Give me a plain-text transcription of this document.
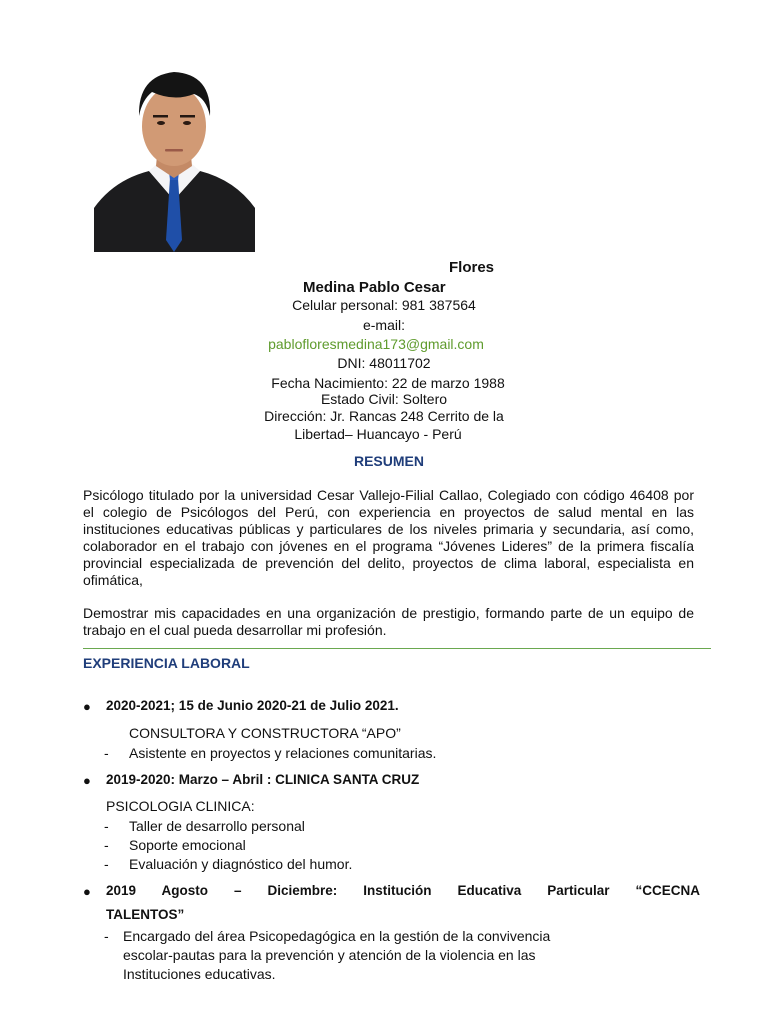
Flores
Medina Pablo Cesar
Celular personal: 981 387564
e-mail:
pablofloresmedina173@gmail.com
DNI: 48011702
Fecha Nacimiento: 22 de marzo 1988
Estado Civil: Soltero
Dirección: Jr. Rancas 248 Cerrito de la
Libertad– Huancayo - Perú
RESUMEN
Psicólogo titulado por la universidad Cesar Vallejo-Filial Callao, Colegiado con código 46408 por el colegio de Psicólogos del Perú, con experiencia en proyectos de salud mental en las instituciones educativas públicas y particulares de los niveles primaria y secundaria, así como, colaborador en el trabajo con jóvenes en el programa “Jóvenes Lideres” de la primera fiscalía provincial especializada de prevención del delito, proyectos de clima laboral, especialista en ofimática,
Demostrar mis capacidades en una organización de prestigio, formando parte de un equipo de trabajo en el cual pueda desarrollar mi profesión.
EXPERIENCIA LABORAL
● 2020-2021; 15 de Junio 2020-21 de Julio 2021.
CONSULTORA Y CONSTRUCTORA “APO”
- Asistente en proyectos y relaciones comunitarias.
● 2019-2020: Marzo – Abril : CLINICA SANTA CRUZ
PSICOLOGIA CLINICA:
- Taller de desarrollo personal
- Soporte emocional
- Evaluación y diagnóstico del humor.
● 2019 Agosto – Diciembre: Institución Educativa Particular “CCECNA
TALENTOS”
- Encargado del área Psicopedagógica en la gestión de la convivencia
escolar-pautas para la prevención y atención de la violencia en las
Instituciones educativas.
